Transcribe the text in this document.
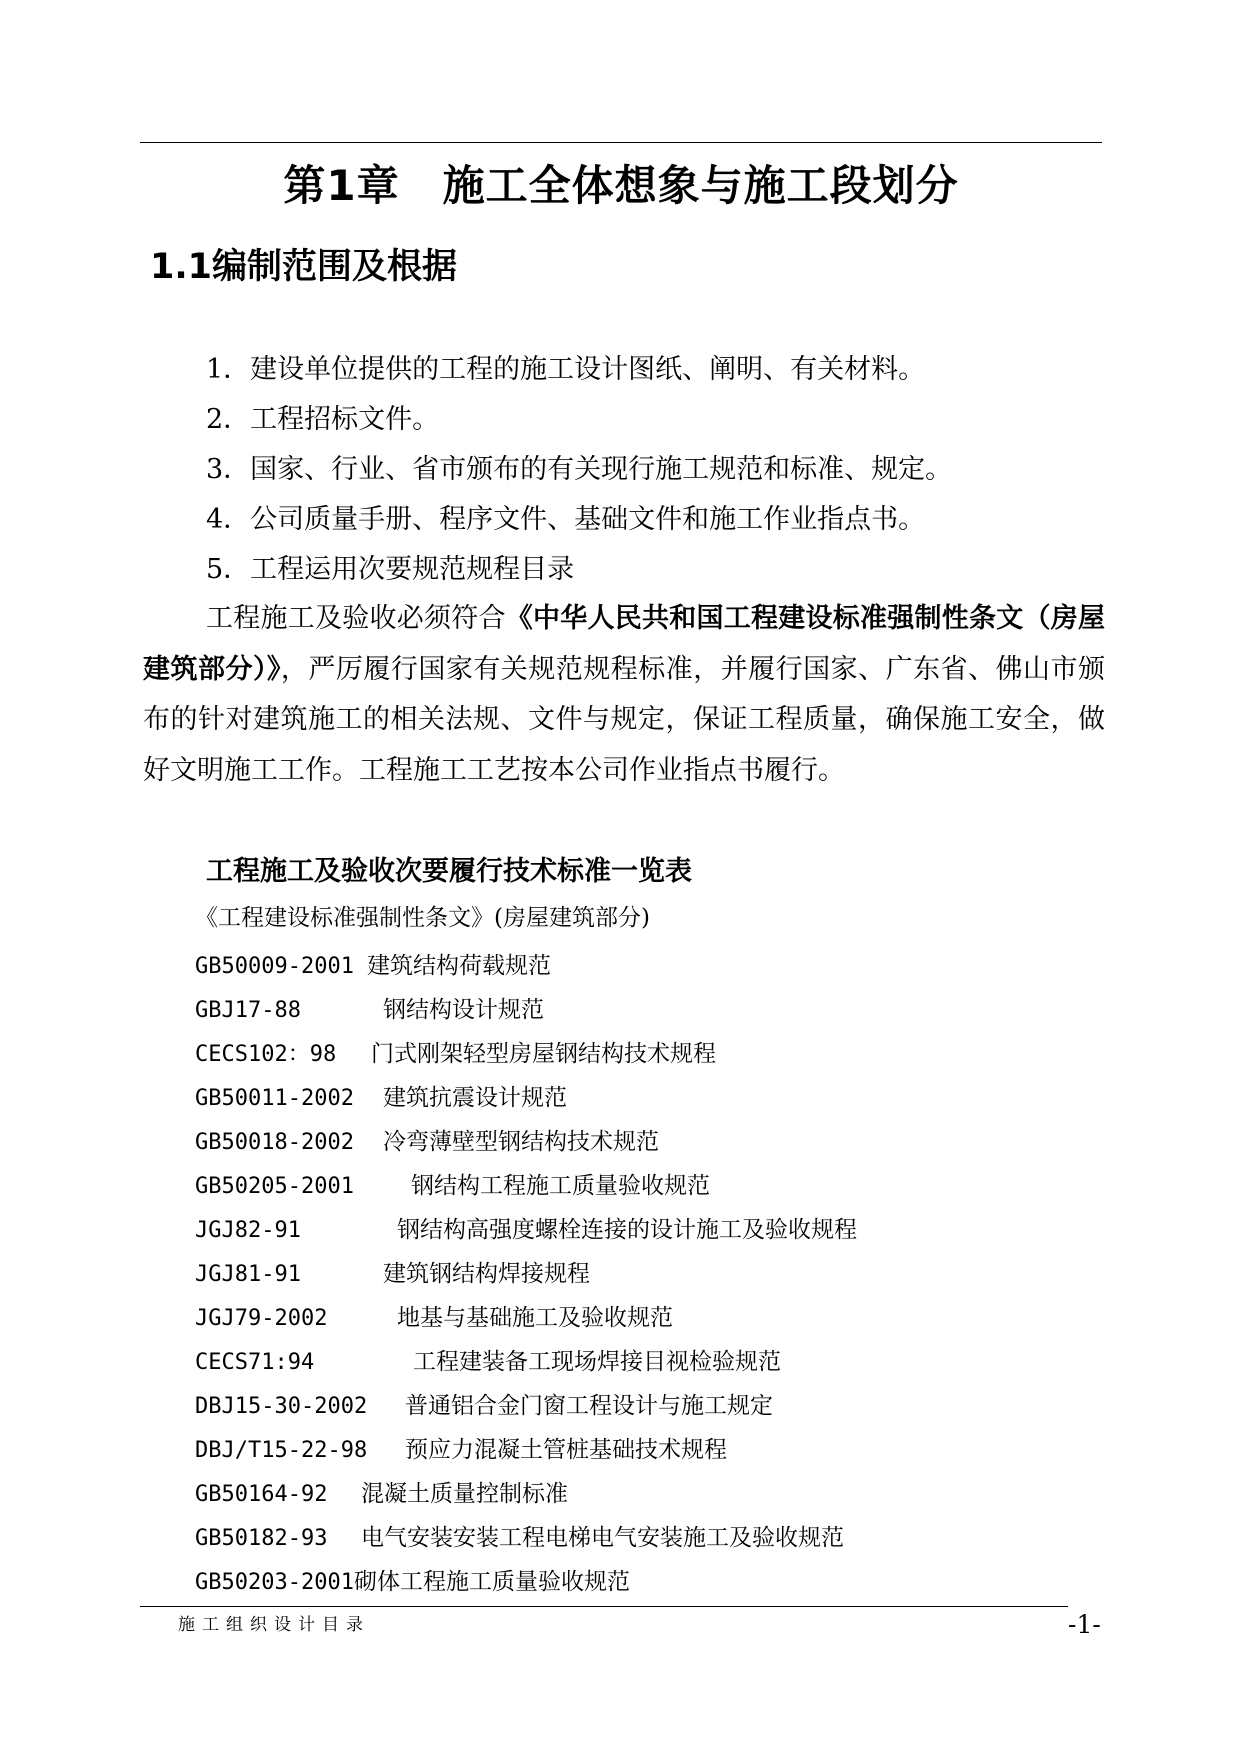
第1章　施工全体想象与施工段划分
1.1编制范围及根据
1．建设单位提供的工程的施工设计图纸、阐明、有关材料。
2．工程招标文件。
3．国家、行业、省市颁布的有关现行施工规范和标准、规定。
4．公司质量手册、程序文件、基础文件和施工作业指点书。
5．工程运用次要规范规程目录

工程施工及验收必须符合《中华人民共和国工程建设标准强制性条文（房屋建筑部分）》，严厉履行国家有关规范规程标准，并履行国家、广东省、佛山市颁布的针对建筑施工的相关法规、文件与规定，保证工程质量，确保施工安全，做好文明施工工作。工程施工工艺按本公司作业指点书履行。

工程施工及验收次要履行技术标准一览表

《工程建设标准强制性条文》(房屋建筑部分)

GB50009-2001 建筑结构荷载规范
GBJ17-88	钢结构设计规范
CECS102：98 门式刚架轻型房屋钢结构技术规程
GB50011-2002 建筑抗震设计规范
GB50018-2002 冷弯薄壁型钢结构技术规范
GB50205-2001 钢结构工程施工质量验收规范
JGJ82-91	钢结构高强度螺栓连接的设计施工及验收规程
JGJ81-91	建筑钢结构焊接规程
JGJ79-2002	地基与基础施工及验收规范
CECS71:94	工程建装备工现场焊接目视检验规范
DBJ15-30-2002 普通铝合金门窗工程设计与施工规定
DBJ/T15-22-98 预应力混凝土管桩基础技术规程
GB50164-92 混凝土质量控制标准
GB50182-93 电气安装安装工程电梯电气安装施工及验收规范
GB50203-2001砌体工程施工质量验收规范
施工组织设计目录	-1-
